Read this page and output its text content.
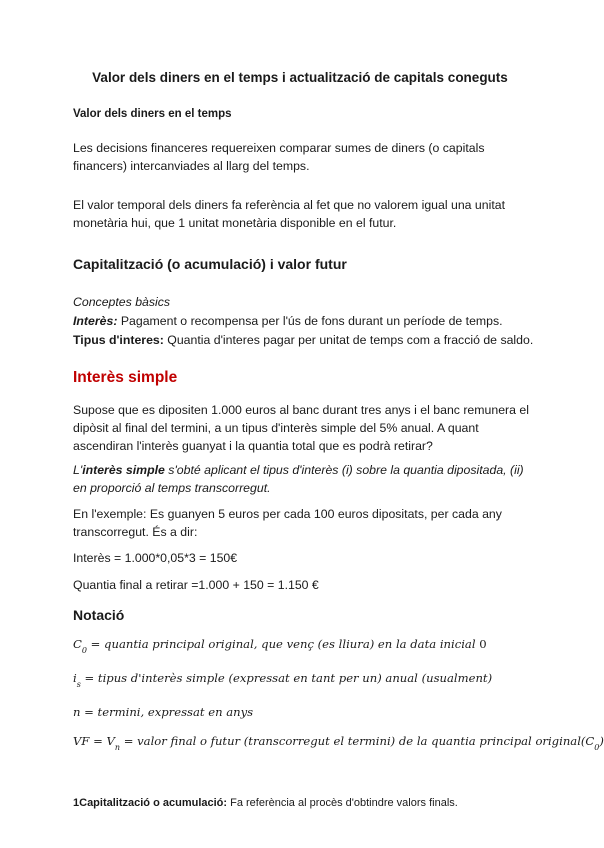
Valor dels diners en el temps i actualització de capitals coneguts
Valor dels diners en el temps

Les decisions financeres requereixen comparar sumes de diners (o capitals financers) intercanviades al llarg del temps.

El valor temporal dels diners fa referència al fet que no valorem igual una unitat monetària hui, que 1 unitat monetària disponible en el futur.

Capitalització (o acumulació) i valor futur
Conceptes bàsics
Interès: Pagament o recompensa per l'ús de fons durant un període de temps.
Tipus d'interes: Quantia d'interes pagar per unitat de temps com a fracció de saldo.
Interès simple

Supose que es dipositen 1.000 euros al banc durant tres anys i el banc remunera el dipòsit al final del termini, a un tipus d'interès simple del 5% anual. A quant ascendiran l'interès guanyat i la quantia total que es podrà retirar?

L'interès simple s'obté aplicant el tipus d'interès (i) sobre la quantia dipositada, (ii) en proporció al temps transcorregut.

En l'exemple: Es guanyen 5 euros per cada 100 euros dipositats, per cada any transcorregut. És a dir:

Interès = 1.000*0,05*3 = 150€

Quantia final a retirar =1.000 + 150 = 1.150 €

Notació
$C_0$ = quantia principal original, que venç (es lliura) en la data inicial 0
$i_s$ = tipus d'interès simple (expressat en tant per un) anual (usualment)
n = termini, expressat en anys
VF = $V_n$ = valor final o futur (transcorregut el termini) de la quantia principal $original(C_0)$
1Capitalització o acumulació: Fa referència al procès d'obtindre valors finals.
